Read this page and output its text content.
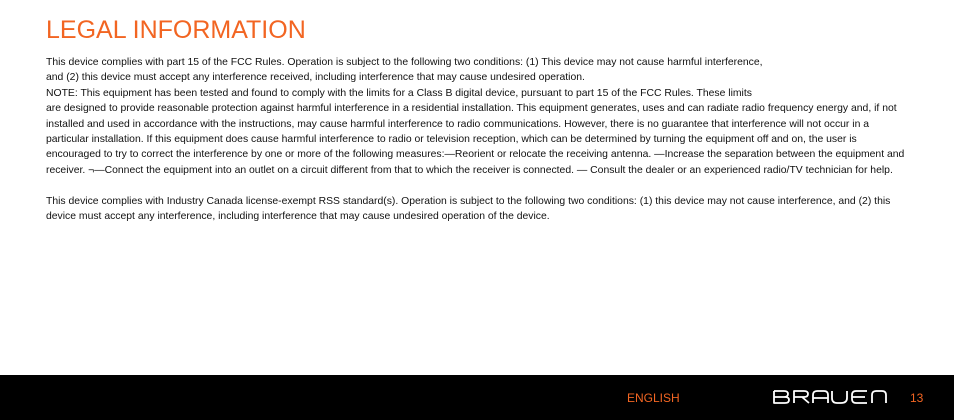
LEGAL INFORMATION

This device complies with part 15 of the FCC Rules. Operation is subject to the following two conditions: (1) This device may not cause harmful interference,

and (2) this device must accept any interference received, including interference that may cause undesired operation.

NOTE: This equipment has been tested and found to comply with the limits for a Class B digital device, pursuant to part 15 of the FCC Rules. These limits

are designed to provide reasonable protection against harmful interference in a residential installation. This equipment generates, uses and can radiate radio frequency energy and, if not installed and used in accordance with the instructions, may cause harmful interference to radio communications. However, there is no guarantee that interference will not occur in a particular installation. If this equipment does cause harmful interference to radio or television reception, which can be determined by turning the equipment off and on, the user is encouraged to try to correct the interference by one or more of the following measures:—Reorient or relocate the receiving antenna. —Increase the separation between the equipment and receiver. ¬—Connect the equipment into an outlet on a circuit different from that to which the receiver is connected. — Consult the dealer or an experienced radio/TV technician for help.

This device complies with Industry Canada license-exempt RSS standard(s). Operation is subject to the following two conditions: (1) this device may not cause interference, and (2) this device must accept any interference, including interference that may cause undesired operation of the device.

ENGLISH	13
